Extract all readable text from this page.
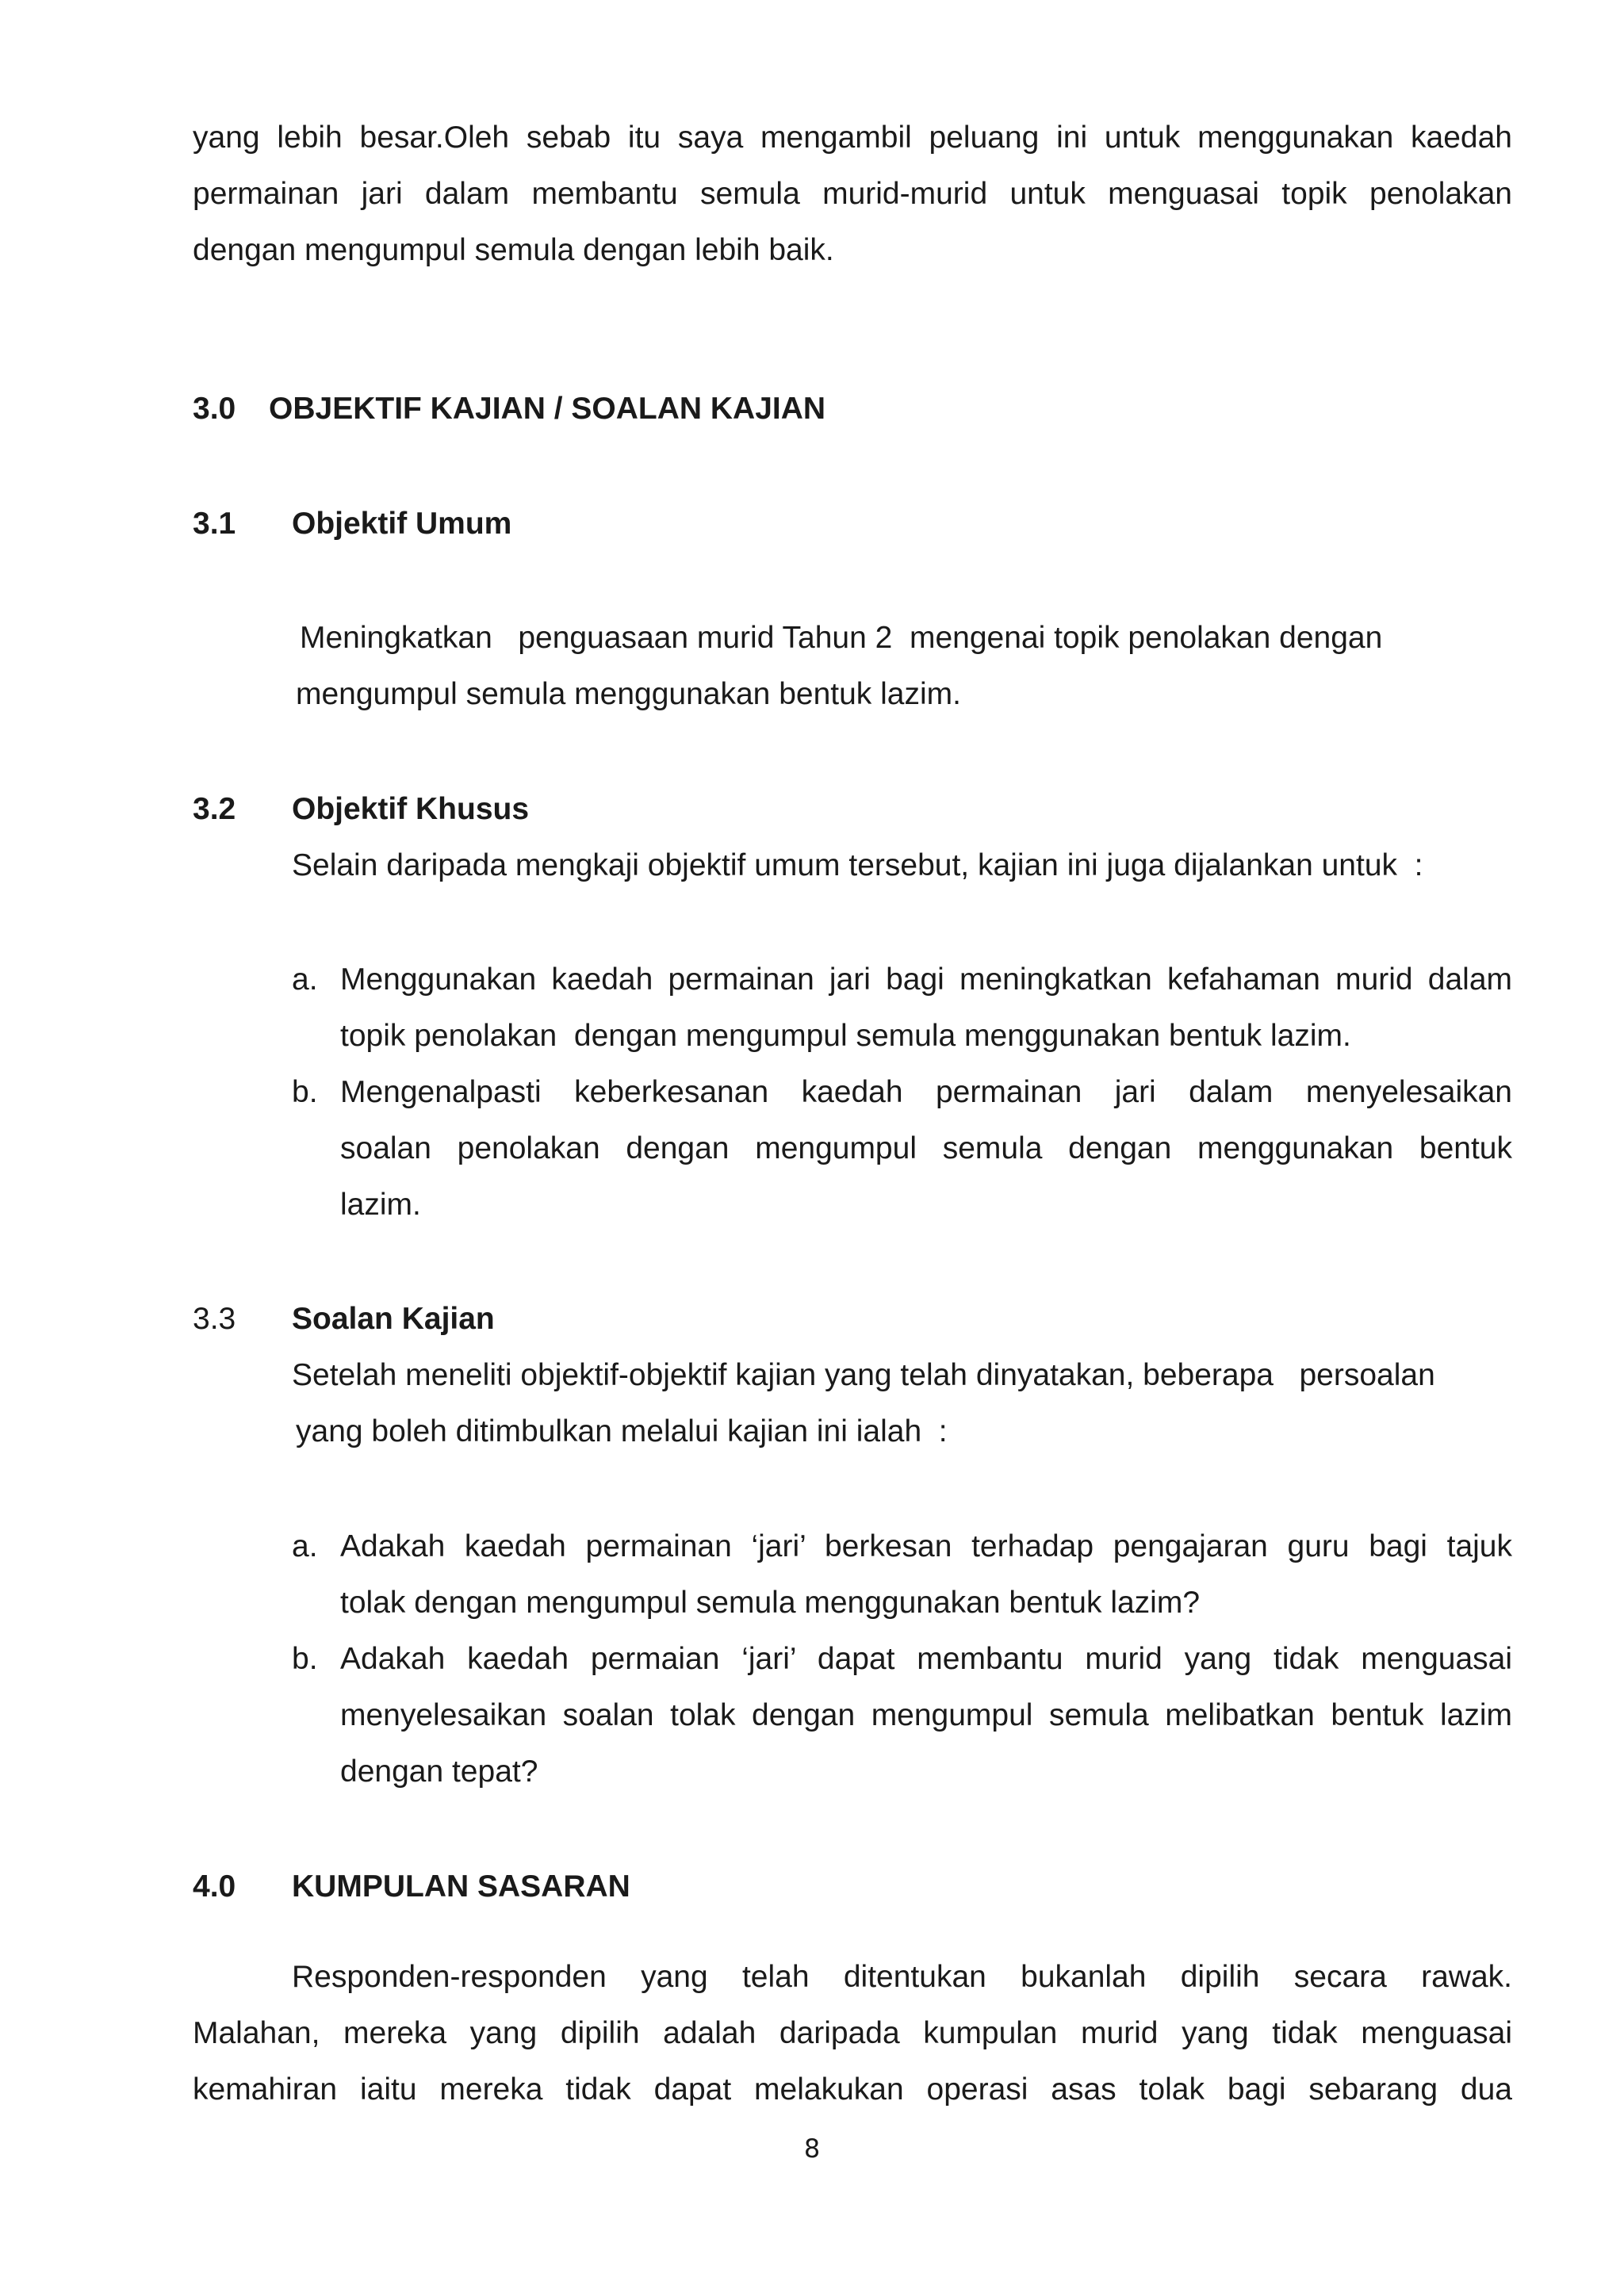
yang lebih besar.Oleh sebab itu saya mengambil peluang ini untuk menggunakan kaedah
permainan jari dalam membantu semula murid-murid untuk menguasai topik penolakan
dengan mengumpul semula dengan lebih baik.
3.0 OBJEKTIF KAJIAN / SOALAN KAJIAN
3.1 Objektif Umum
Meningkatkan   penguasaan murid Tahun 2  mengenai topik penolakan dengan
mengumpul semula menggunakan bentuk lazim.
3.2 Objektif Khusus
Selain daripada mengkaji objektif umum tersebut, kajian ini juga dijalankan untuk  :
a. Menggunakan kaedah permainan jari bagi meningkatkan kefahaman murid dalam
topik penolakan  dengan mengumpul semula menggunakan bentuk lazim.
b. Mengenalpasti keberkesanan kaedah permainan jari dalam menyelesaikan
soalan penolakan dengan mengumpul semula dengan menggunakan bentuk
lazim.
3.3 Soalan Kajian
Setelah meneliti objektif-objektif kajian yang telah dinyatakan, beberapa   persoalan
yang boleh ditimbulkan melalui kajian ini ialah  :
a. Adakah kaedah permainan ‘jari’ berkesan terhadap pengajaran guru bagi tajuk
tolak dengan mengumpul semula menggunakan bentuk lazim?
b. Adakah kaedah permaian ‘jari’ dapat membantu murid yang tidak menguasai
menyelesaikan soalan tolak dengan mengumpul semula melibatkan bentuk lazim
dengan tepat?
4.0 KUMPULAN SASARAN
Responden-responden yang telah ditentukan bukanlah dipilih secara rawak.
Malahan, mereka yang dipilih adalah daripada kumpulan murid yang tidak menguasai
kemahiran iaitu mereka tidak dapat melakukan operasi asas tolak bagi sebarang dua
8
